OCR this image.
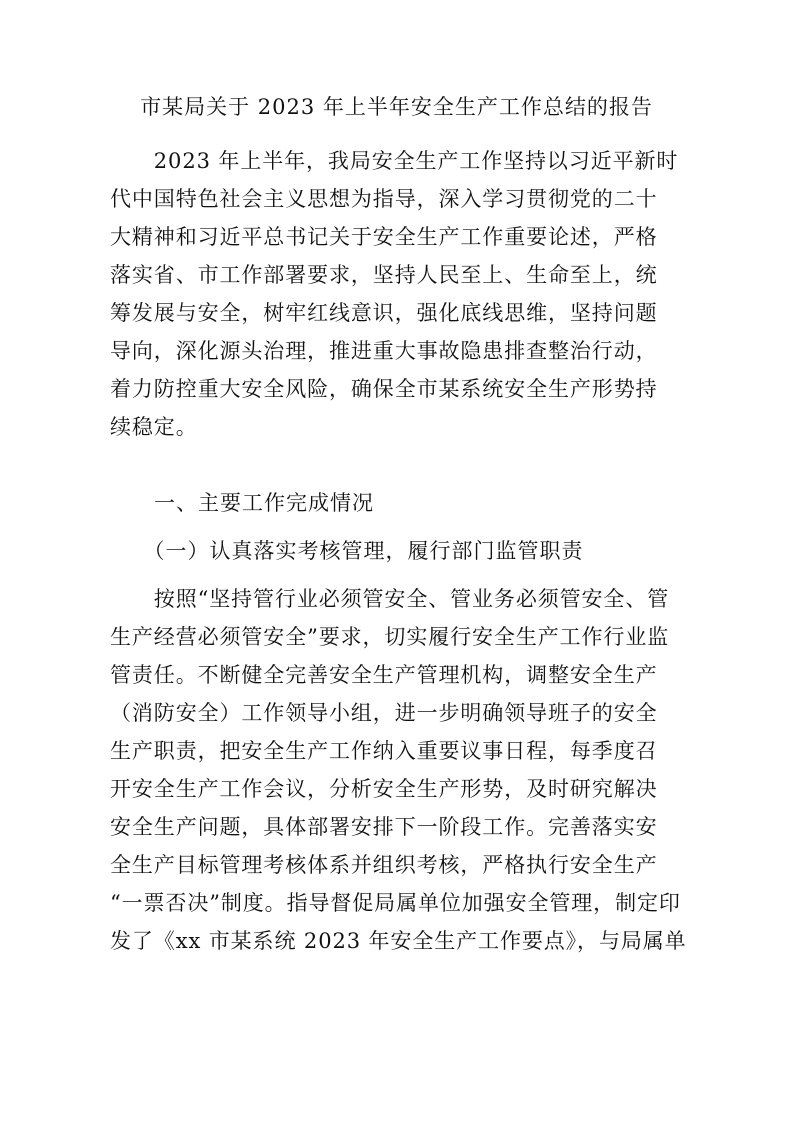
市某局关于 2023 年上半年安全生产工作总结的报告
　　2023 年上半年，我局安全生产工作坚持以习近平新时
代中国特色社会主义思想为指导，深入学习贯彻党的二十
大精神和习近平总书记关于安全生产工作重要论述，严格
落实省、市工作部署要求，坚持人民至上、生命至上，统
筹发展与安全，树牢红线意识，强化底线思维，坚持问题
导向，深化源头治理，推进重大事故隐患排查整治行动，
着力防控重大安全风险，确保全市某系统安全生产形势持
续稳定。
　　一、主要工作完成情况
　　（一）认真落实考核管理，履行部门监管职责
　　按照“坚持管行业必须管安全、管业务必须管安全、管
生产经营必须管安全”要求，切实履行安全生产工作行业监
管责任。不断健全完善安全生产管理机构，调整安全生产
（消防安全）工作领导小组，进一步明确领导班子的安全
生产职责，把安全生产工作纳入重要议事日程，每季度召
开安全生产工作会议，分析安全生产形势，及时研究解决
安全生产问题，具体部署安排下一阶段工作。完善落实安
全生产目标管理考核体系并组织考核，严格执行安全生产
“一票否决”制度。指导督促局属单位加强安全管理，制定印
发了《xx 市某系统 2023 年安全生产工作要点》，与局属单
